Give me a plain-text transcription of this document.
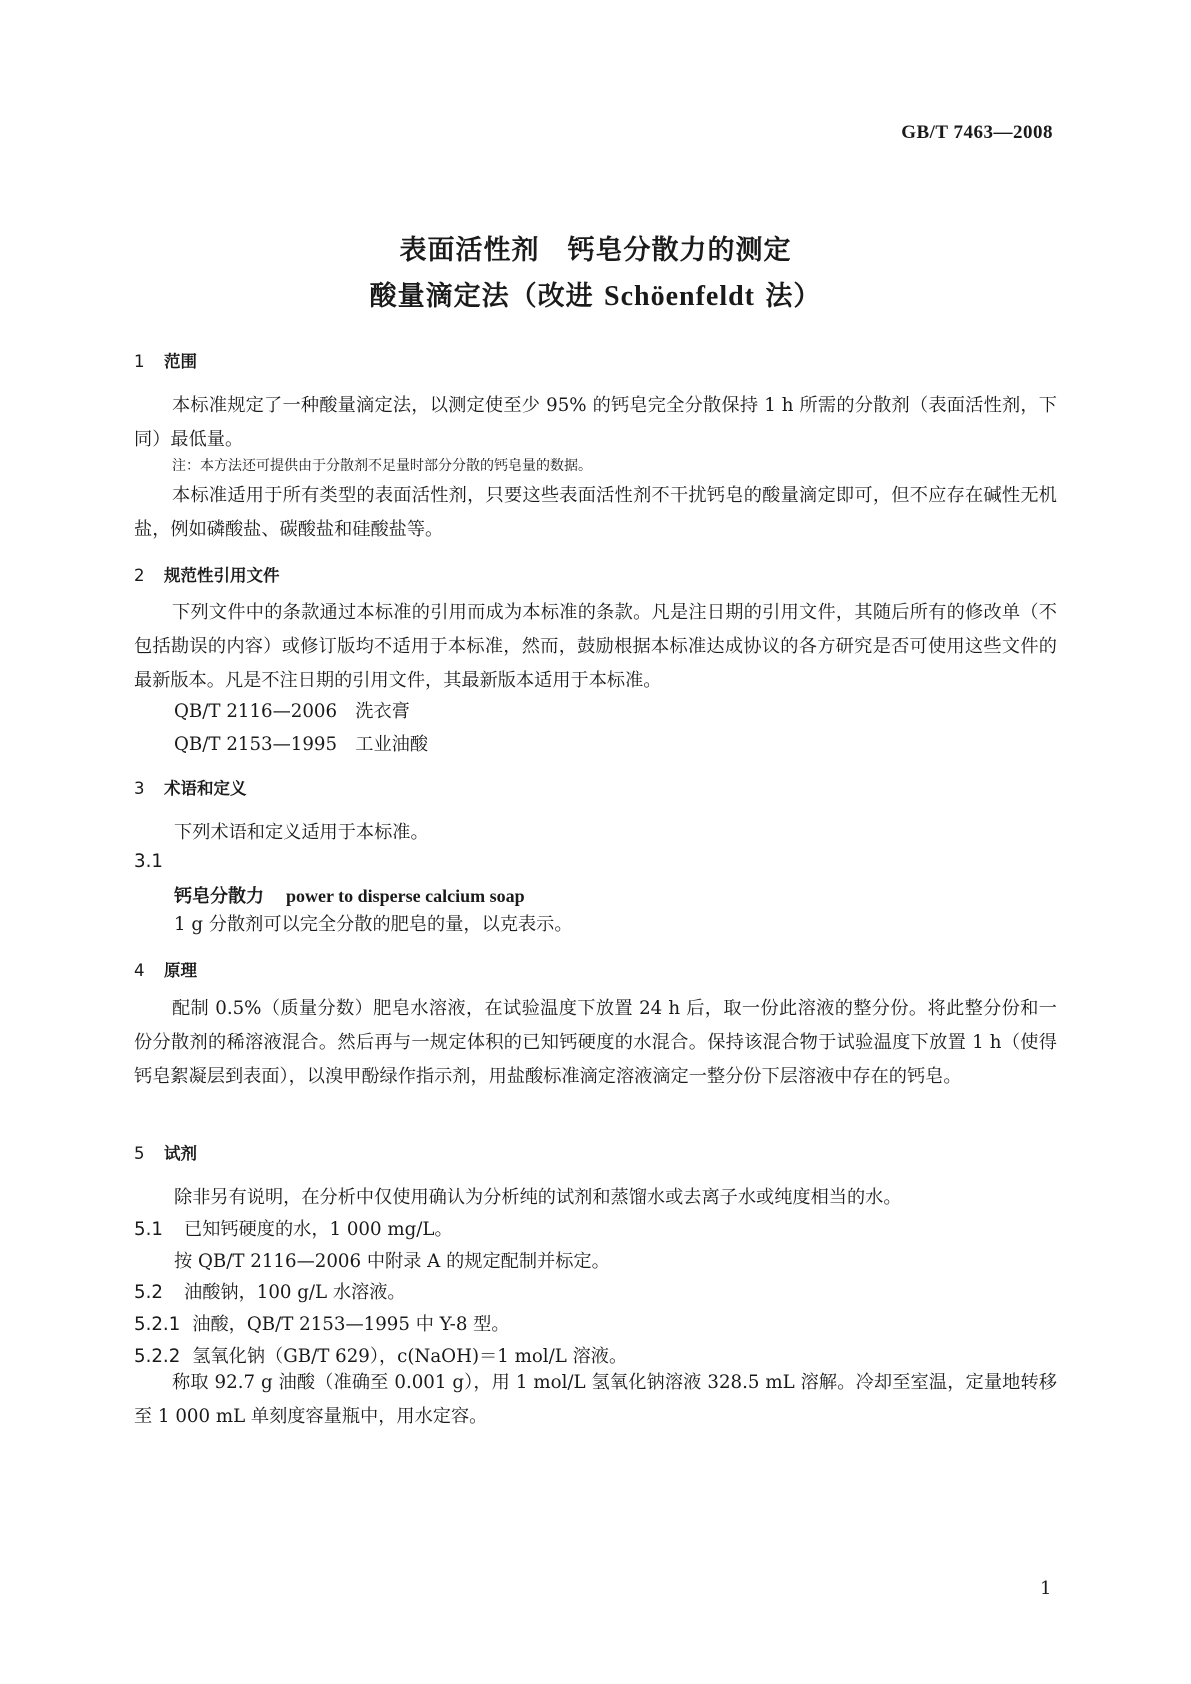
GB/T 7463—2008
表面活性剂　钙皂分散力的测定
酸量滴定法（改进 Schöenfeldt 法）
1 范围

本标准规定了一种酸量滴定法，以测定使至少 95% 的钙皂完全分散保持 1 h 所需的分散剂（表面活性剂，下同）最低量。

注：本方法还可提供由于分散剂不足量时部分分散的钙皂量的数据。

本标准适用于所有类型的表面活性剂，只要这些表面活性剂不干扰钙皂的酸量滴定即可，但不应存在碱性无机盐，例如磷酸盐、碳酸盐和硅酸盐等。

2 规范性引用文件

下列文件中的条款通过本标准的引用而成为本标准的条款。凡是注日期的引用文件，其随后所有的修改单（不包括勘误的内容）或修订版均不适用于本标准，然而，鼓励根据本标准达成协议的各方研究是否可使用这些文件的最新版本。凡是不注日期的引用文件，其最新版本适用于本标准。

QB/T 2116—2006　洗衣膏
QB/T 2153—1995　工业油酸
3 术语和定义
下列术语和定义适用于本标准。
3.1
钙皂分散力 power to disperse calcium soap
1 g 分散剂可以完全分散的肥皂的量，以克表示。
4 原理

配制 0.5%（质量分数）肥皂水溶液，在试验温度下放置 24 h 后，取一份此溶液的整分份。将此整分份和一份分散剂的稀溶液混合。然后再与一规定体积的已知钙硬度的水混合。保持该混合物于试验温度下放置 1 h（使得钙皂絮凝层到表面），以溴甲酚绿作指示剂，用盐酸标准滴定溶液滴定一整分份下层溶液中存在的钙皂。

5 试剂
除非另有说明，在分析中仅使用确认为分析纯的试剂和蒸馏水或去离子水或纯度相当的水。
5.1 已知钙硬度的水，1 000 mg/L。
按 QB/T 2116—2006 中附录 A 的规定配制并标定。
5.2 油酸钠，100 g/L 水溶液。
5.2.1 油酸，QB/T 2153—1995 中 Y-8 型。
5.2.2 氢氧化钠（GB/T 629），c(NaOH)＝1 mol/L 溶液。

称取 92.7 g 油酸（准确至 0.001 g），用 1 mol/L 氢氧化钠溶液 328.5 mL 溶解。冷却至室温，定量地转移至 1 000 mL 单刻度容量瓶中，用水定容。

1
